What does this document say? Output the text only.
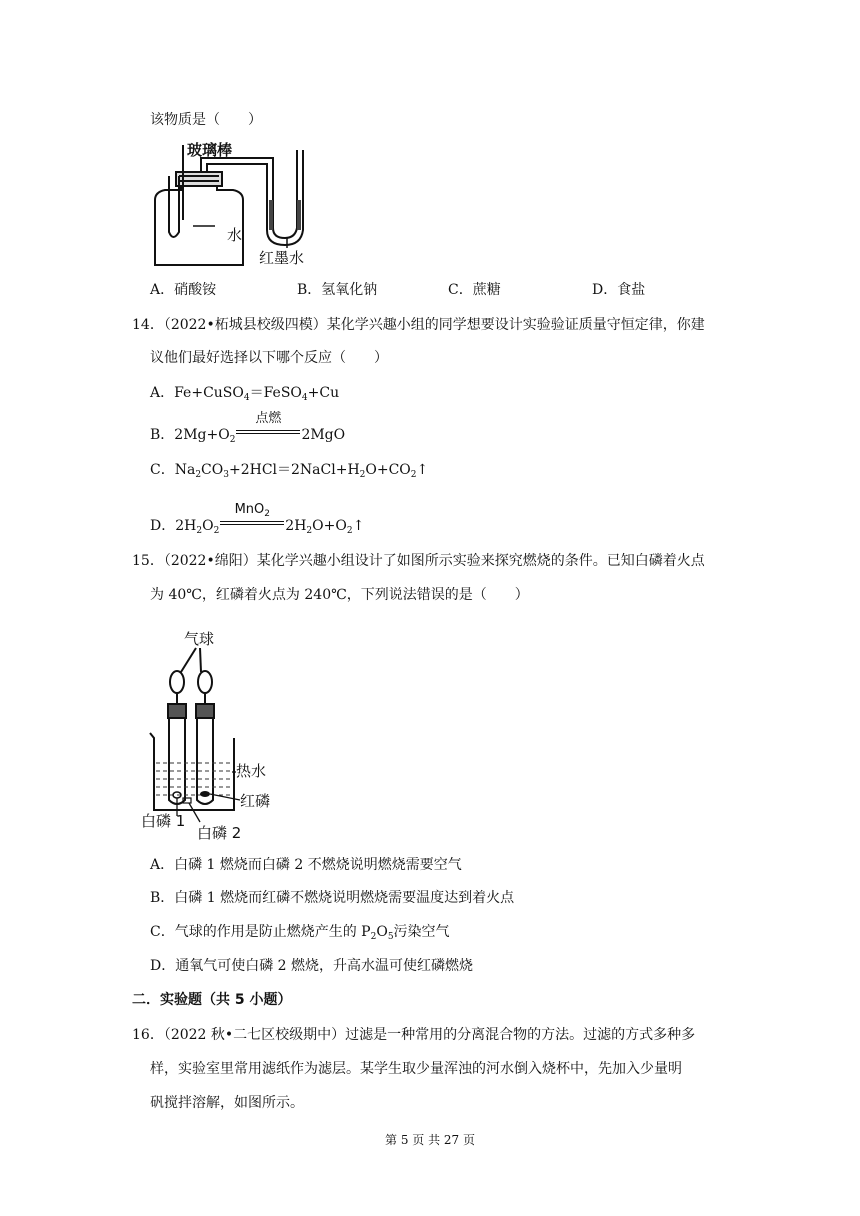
该物质是（　　）
玻璃棒
水
红墨水
A．硝酸铵	B．氢氧化钠	C．蔗糖	D．食盐
14．（2022•柘城县校级四模）某化学兴趣小组的同学想要设计实验验证质量守恒定律，你建
议他们最好选择以下哪个反应（　　）
A．Fe+CuSO$_4$＝FeSO$_4$+Cu
B．$2Mg+O_2$
点燃
2MgO
C．$Na_2CO_3+2HCl=2NaCl+H_2O+CO_2↑$
D．$2H_2O_2$
MnO$_2$
$2H_2O+O_2↑$
15．（2022•绵阳）某化学兴趣小组设计了如图所示实验来探究燃烧的条件。已知白磷着火点
为 40℃，红磷着火点为 240℃，下列说法错误的是（　　）
气球
热水
红磷
白磷 1
白磷 2
A．白磷 1 燃烧而白磷 2 不燃烧说明燃烧需要空气
B．白磷 1 燃烧而红磷不燃烧说明燃烧需要温度达到着火点
C．气球的作用是防止燃烧产生的 $P_2O_5$污染空气
D．通氧气可使白磷 2 燃烧，升高水温可使红磷燃烧
二．实验题（共 5 小题）
16．（2022 秋•二七区校级期中）过滤是一种常用的分离混合物的方法。过滤的方式多种多
样，实验室里常用滤纸作为滤层。某学生取少量浑浊的河水倒入烧杯中，先加入少量明
矾搅拌溶解，如图所示。
第 5 页 共 27 页
